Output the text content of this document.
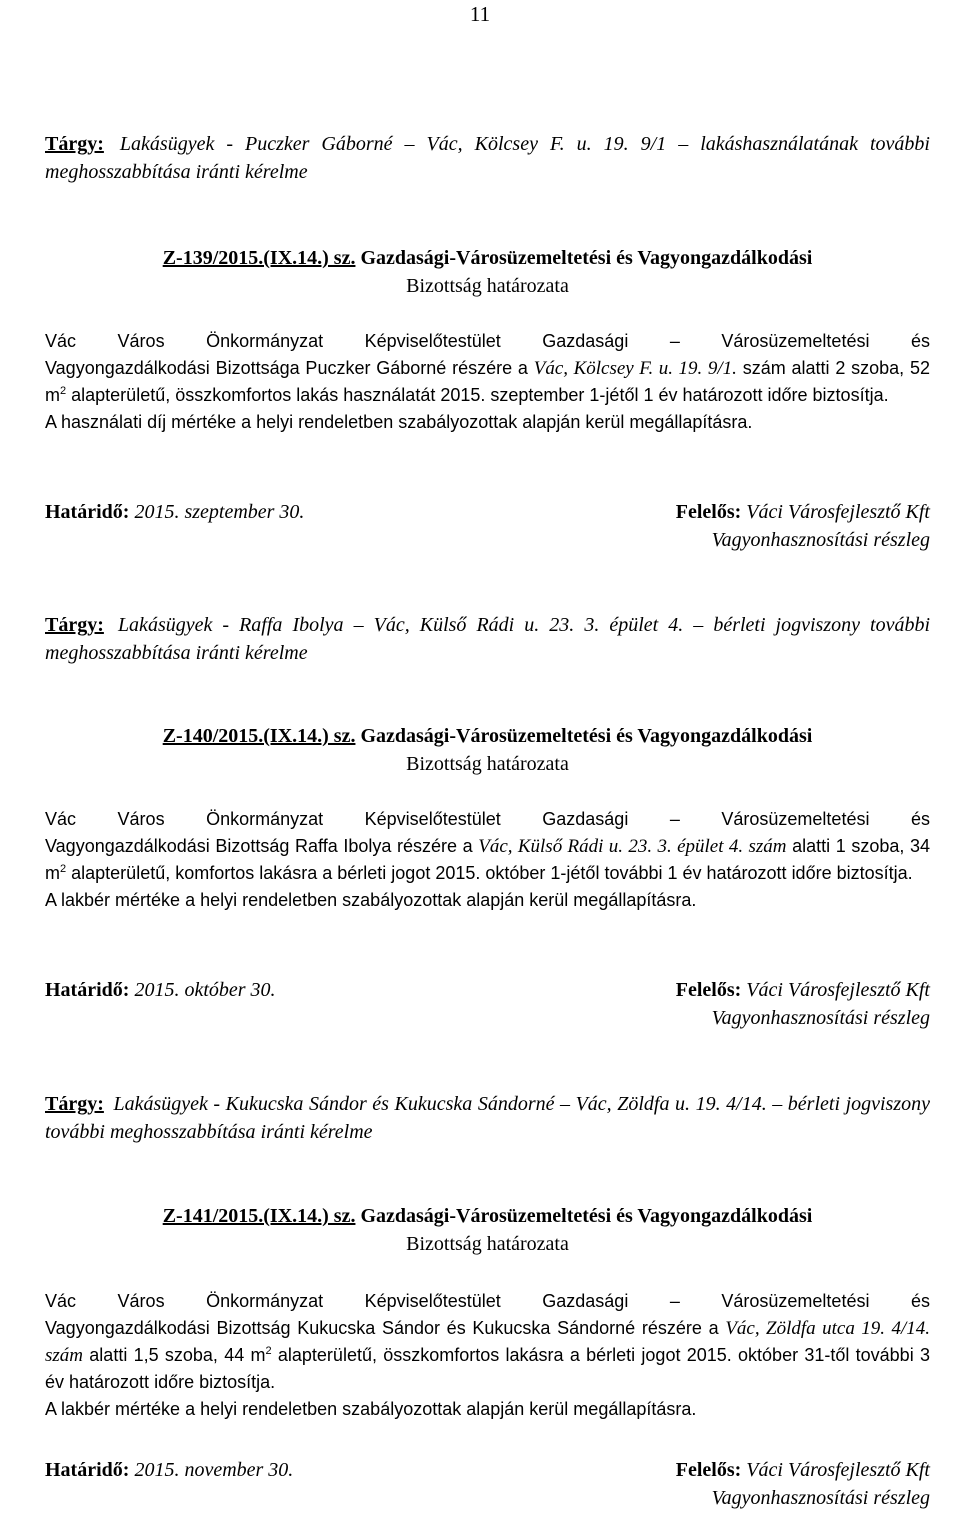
11
Tárgy: Lakásügyek - Puczker Gáborné – Vác, Kölcsey F. u. 19. 9/1 – lakáshasználatának további meghosszabbítása iránti kérelme
Z-139/2015.(IX.14.) sz. Gazdasági-Városüzemeltetési és Vagyongazdálkodási
Bizottság határozata
Vác Város Önkormányzat Képviselőtestület Gazdasági – Városüzemeltetési és
Vagyongazdálkodási Bizottsága Puczker Gáborné részére a Vác, Kölcsey F. u. 19. 9/1. szám alatti 2 szoba, 52 $m^2$ alapterületű, összkomfortos lakás használatát 2015. szeptember 1-jétől 1 év határozott időre biztosítja.
A használati díj mértéke a helyi rendeletben szabályozottak alapján kerül megállapításra.
Határidő: 2015. szeptember 30.	Felelős: Váci Városfejlesztő Kft
Vagyonhasznosítási részleg
Tárgy: Lakásügyek - Raffa Ibolya – Vác, Külső Rádi u. 23. 3. épület 4. – bérleti jogviszony további meghosszabbítása iránti kérelme
Z-140/2015.(IX.14.) sz. Gazdasági-Városüzemeltetési és Vagyongazdálkodási
Bizottság határozata
Vác Város Önkormányzat Képviselőtestület Gazdasági – Városüzemeltetési és
Vagyongazdálkodási Bizottság Raffa Ibolya részére a Vác, Külső Rádi u. 23. 3. épület 4. szám alatti 1 szoba, 34 $m^2$ alapterületű, komfortos lakásra a bérleti jogot 2015. október 1-jétől további 1 év határozott időre biztosítja.
A lakbér mértéke a helyi rendeletben szabályozottak alapján kerül megállapításra.
Határidő: 2015. október 30.	Felelős: Váci Városfejlesztő Kft
Vagyonhasznosítási részleg
Tárgy: Lakásügyek - Kukucska Sándor és Kukucska Sándorné – Vác, Zöldfa u. 19. 4/14. – bérleti jogviszony további meghosszabbítása iránti kérelme
Z-141/2015.(IX.14.) sz. Gazdasági-Városüzemeltetési és Vagyongazdálkodási
Bizottság határozata
Vác Város Önkormányzat Képviselőtestület Gazdasági – Városüzemeltetési és
Vagyongazdálkodási Bizottság Kukucska Sándor és Kukucska Sándorné részére a Vác, Zöldfa utca 19. 4/14. szám alatti 1,5 szoba, 44 $m^2$ alapterületű, összkomfortos lakásra a bérleti jogot 2015. október 31-től további 3 év határozott időre biztosítja.
A lakbér mértéke a helyi rendeletben szabályozottak alapján kerül megállapításra.
Határidő: 2015. november 30.	Felelős: Váci Városfejlesztő Kft
Vagyonhasznosítási részleg
